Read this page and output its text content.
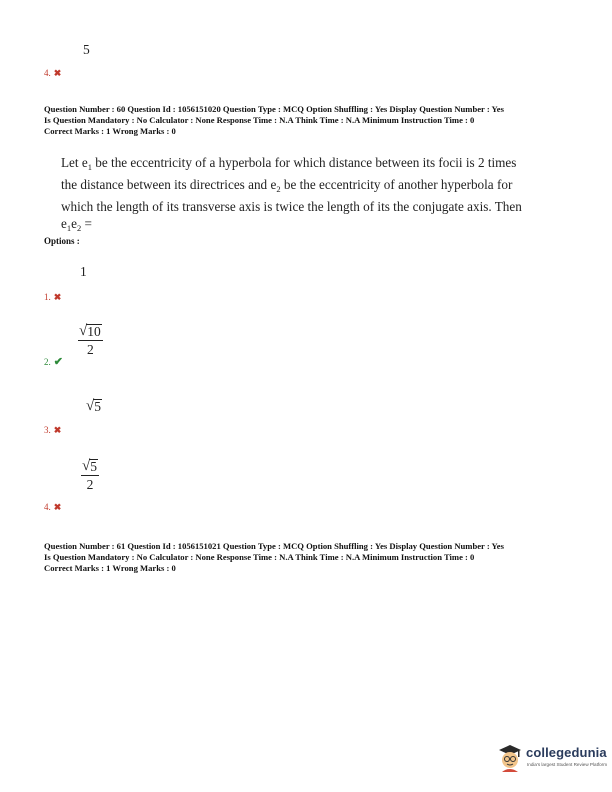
5
4. ✖
Question Number : 60 Question Id : 1056151020 Question Type : MCQ Option Shuffling : Yes Display Question Number : Yes
Is Question Mandatory : No Calculator : None Response Time : N.A Think Time : N.A Minimum Instruction Time : 0
Correct Marks : 1 Wrong Marks : 0
Let $e_1$ be the eccentricity of a hyperbola for which distance between its focii is 2 times
the distance between its directrices and $e_2$ be the eccentricity of another hyperbola for
which the length of its transverse axis is twice the length of its the conjugate axis. Then
$e_1e_2$ =
Options :
1
1. ✖
$\frac{√ 10}{2}$
2. ✔
√ 5
3. ✖
$\frac{√ 5}{2}$
4. ✖
Question Number : 61 Question Id : 1056151021 Question Type : MCQ Option Shuffling : Yes Display Question Number : Yes
Is Question Mandatory : No Calculator : None Response Time : N.A Think Time : N.A Minimum Instruction Time : 0
Correct Marks : 1 Wrong Marks : 0
collegedunia
India's largest Student Review Platform
